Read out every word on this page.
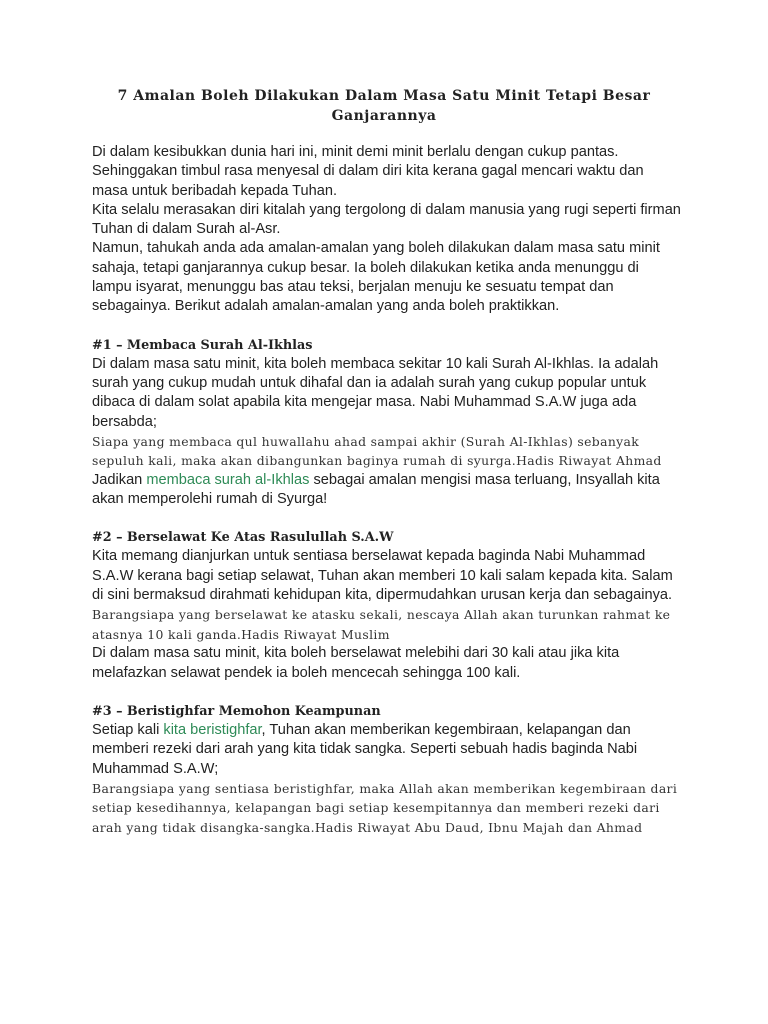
7 Amalan Boleh Dilakukan Dalam Masa Satu Minit Tetapi Besar Ganjarannya

Di dalam kesibukkan dunia hari ini, minit demi minit berlalu dengan cukup pantas. Sehinggakan timbul rasa menyesal di dalam diri kita kerana gagal mencari waktu dan masa untuk beribadah kepada Tuhan.

Kita selalu merasakan diri kitalah yang tergolong di dalam manusia yang rugi seperti firman Tuhan di dalam Surah al-Asr.

Namun, tahukah anda ada amalan-amalan yang boleh dilakukan dalam masa satu minit sahaja, tetapi ganjarannya cukup besar. Ia boleh dilakukan ketika anda menunggu di lampu isyarat, menunggu bas atau teksi, berjalan menuju ke sesuatu tempat dan sebagainya. Berikut adalah amalan-amalan yang anda boleh praktikkan.

#1 – Membaca Surah Al-Ikhlas

Di dalam masa satu minit, kita boleh membaca sekitar 10 kali Surah Al-Ikhlas. Ia adalah surah yang cukup mudah untuk dihafal dan ia adalah surah yang cukup popular untuk dibaca di dalam solat apabila kita mengejar masa. Nabi Muhammad S.A.W juga ada bersabda;

Siapa yang membaca qul huwallahu ahad sampai akhir (Surah Al-Ikhlas) sebanyak sepuluh kali, maka akan dibangunkan baginya rumah di syurga.Hadis Riwayat Ahmad

Jadikan membaca surah al-Ikhlas sebagai amalan mengisi masa terluang, Insyallah kita akan memperolehi rumah di Syurga!

#2 – Berselawat Ke Atas Rasulullah S.A.W

Kita memang dianjurkan untuk sentiasa berselawat kepada baginda Nabi Muhammad S.A.W kerana bagi setiap selawat, Tuhan akan memberi 10 kali salam kepada kita. Salam di sini bermaksud dirahmati kehidupan kita, dipermudahkan urusan kerja dan sebagainya.

Barangsiapa yang berselawat ke atasku sekali, nescaya Allah akan turunkan rahmat ke atasnya 10 kali ganda.Hadis Riwayat Muslim

Di dalam masa satu minit, kita boleh berselawat melebihi dari 30 kali atau jika kita melafazkan selawat pendek ia boleh mencecah sehingga 100 kali.

#3 – Beristighfar Memohon Keampunan

Setiap kali kita beristighfar, Tuhan akan memberikan kegembiraan, kelapangan dan memberi rezeki dari arah yang kita tidak sangka. Seperti sebuah hadis baginda Nabi Muhammad S.A.W;

Barangsiapa yang sentiasa beristighfar, maka Allah akan memberikan kegembiraan dari setiap kesedihannya, kelapangan bagi setiap kesempitannya dan memberi rezeki dari arah yang tidak disangka-sangka.Hadis Riwayat Abu Daud, Ibnu Majah dan Ahmad
